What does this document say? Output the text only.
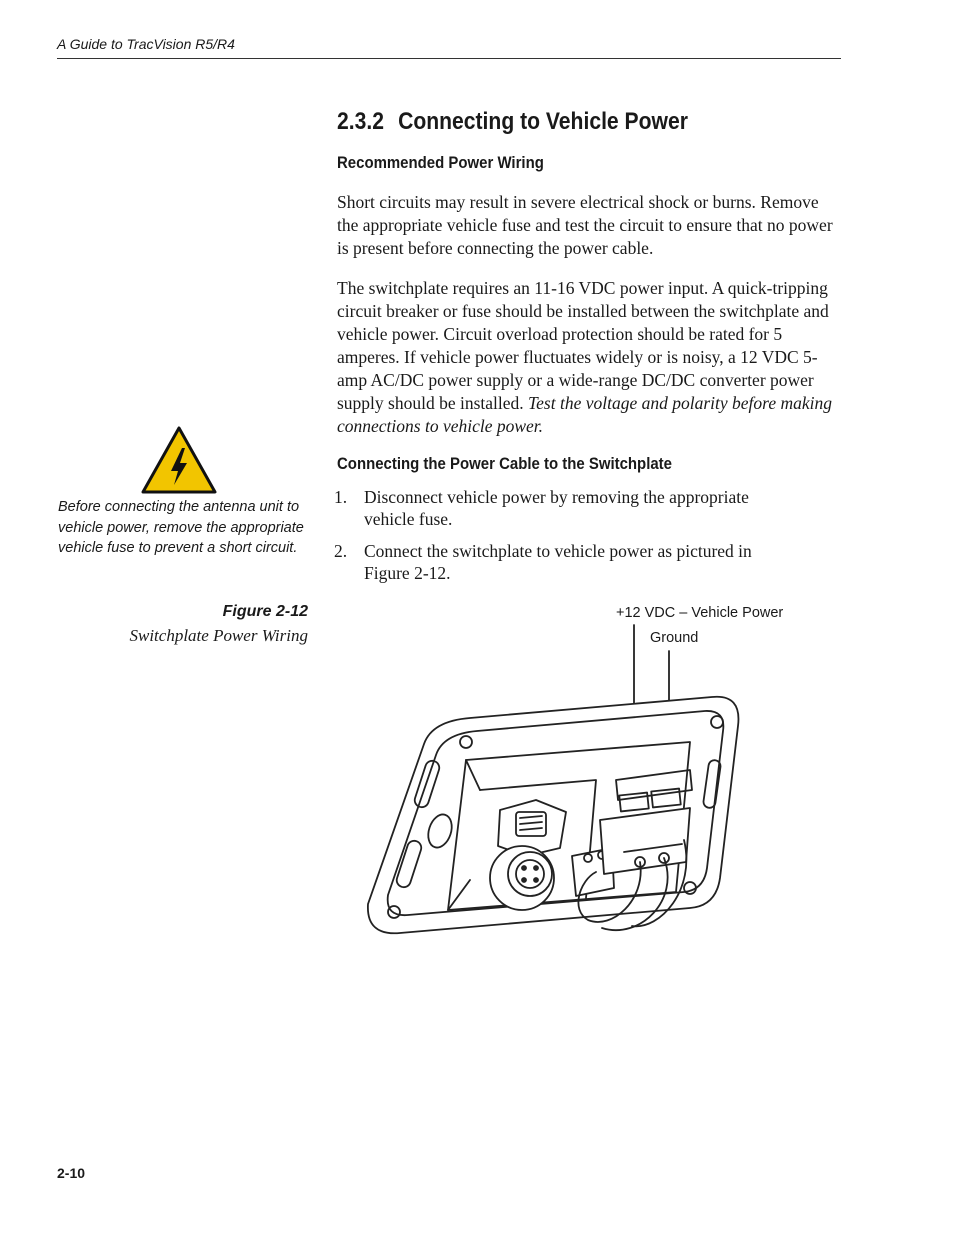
A Guide to TracVision R5/R4
2.3.2 Connecting to Vehicle Power
Recommended Power Wiring

Short circuits may result in severe electrical shock or burns. Remove the appropriate vehicle fuse and test the circuit to ensure that no power is present before connecting the power cable.

The switchplate requires an 11-16 VDC power input. A quick-tripping circuit breaker or fuse should be installed between the switchplate and vehicle power. Circuit overload protection should be rated for 5 amperes. If vehicle power fluctuates widely or is noisy, a 12 VDC 5-amp AC/DC power supply or a wide-range DC/DC converter power supply should be installed. Test the voltage and polarity before making connections to vehicle power.

Connecting the Power Cable to the Switchplate
1. Disconnect vehicle power by removing the appropriate vehicle fuse.
2. Connect the switchplate to vehicle power as pictured in Figure 2-12.

Before connecting the antenna unit to vehicle power, remove the appropriate vehicle fuse to prevent a short circuit.

Figure 2-12
Switchplate Power Wiring
+12 VDC – Vehicle Power
Ground
2-10
